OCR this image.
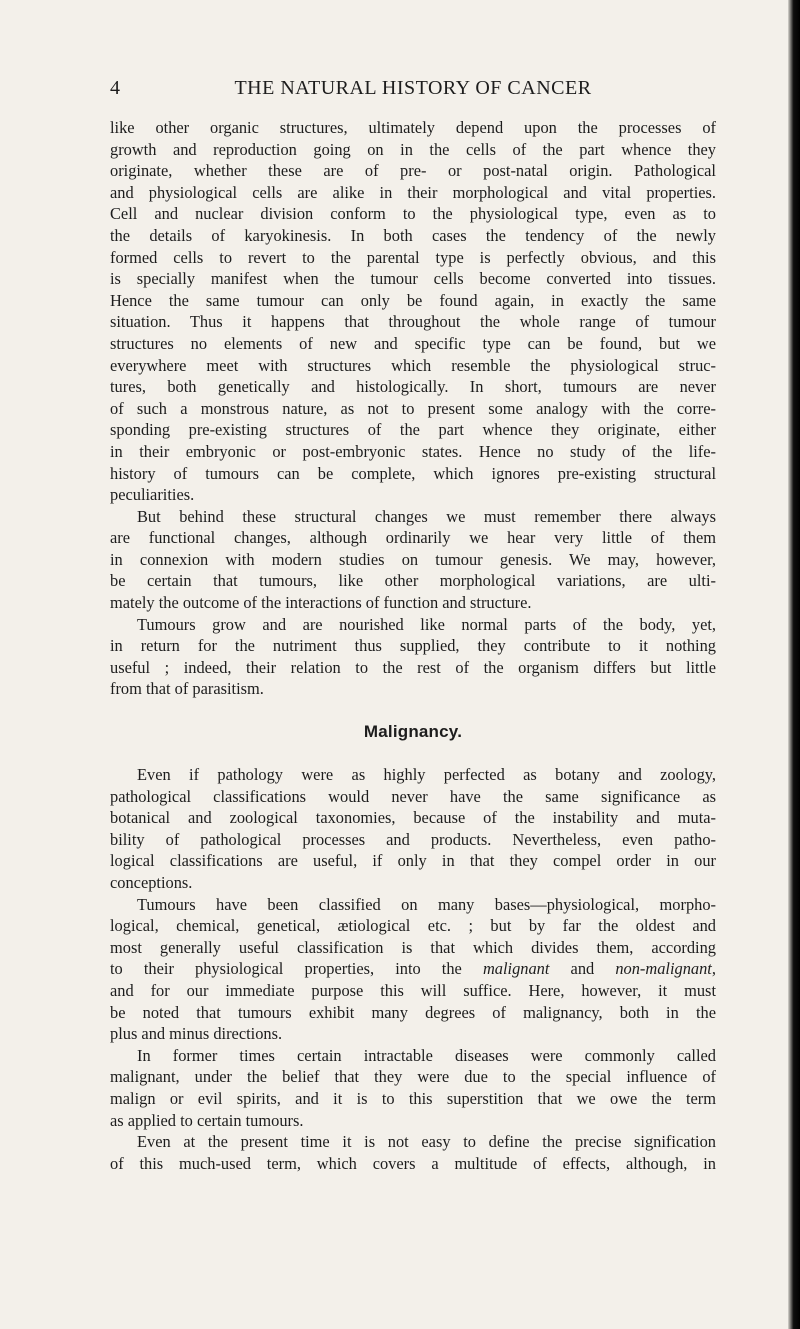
4	THE NATURAL HISTORY OF CANCER
like other organic structures, ultimately depend upon the processes of
growth and reproduction going on in the cells of the part whence they
originate, whether these are of pre- or post-natal origin. Pathological
and physiological cells are alike in their morphological and vital properties.
Cell and nuclear division conform to the physiological type, even as to
the details of karyokinesis. In both cases the tendency of the newly
formed cells to revert to the parental type is perfectly obvious, and this
is specially manifest when the tumour cells become converted into tissues.
Hence the same tumour can only be found again, in exactly the same
situation. Thus it happens that throughout the whole range of tumour
structures no elements of new and specific type can be found, but we
everywhere meet with structures which resemble the physiological struc-
tures, both genetically and histologically. In short, tumours are never
of such a monstrous nature, as not to present some analogy with the corre-
sponding pre-existing structures of the part whence they originate, either
in their embryonic or post-embryonic states. Hence no study of the life-
history of tumours can be complete, which ignores pre-existing structural
peculiarities.
But behind these structural changes we must remember there always
are functional changes, although ordinarily we hear very little of them
in connexion with modern studies on tumour genesis. We may, however,
be certain that tumours, like other morphological variations, are ulti-
mately the outcome of the interactions of function and structure.
Tumours grow and are nourished like normal parts of the body, yet,
in return for the nutriment thus supplied, they contribute to it nothing
useful ; indeed, their relation to the rest of the organism differs but little
from that of parasitism.
Malignancy.
Even if pathology were as highly perfected as botany and zoology,
pathological classifications would never have the same significance as
botanical and zoological taxonomies, because of the instability and muta-
bility of pathological processes and products. Nevertheless, even patho-
logical classifications are useful, if only in that they compel order in our
conceptions.
Tumours have been classified on many bases—physiological, morpho-
logical, chemical, genetical, ætiological etc. ; but by far the oldest and
most generally useful classification is that which divides them, according
to their physiological properties, into the malignant and non-malignant,
and for our immediate purpose this will suffice. Here, however, it must
be noted that tumours exhibit many degrees of malignancy, both in the
plus and minus directions.
In former times certain intractable diseases were commonly called
malignant, under the belief that they were due to the special influence of
malign or evil spirits, and it is to this superstition that we owe the term
as applied to certain tumours.
Even at the present time it is not easy to define the precise signification
of this much-used term, which covers a multitude of effects, although, in
